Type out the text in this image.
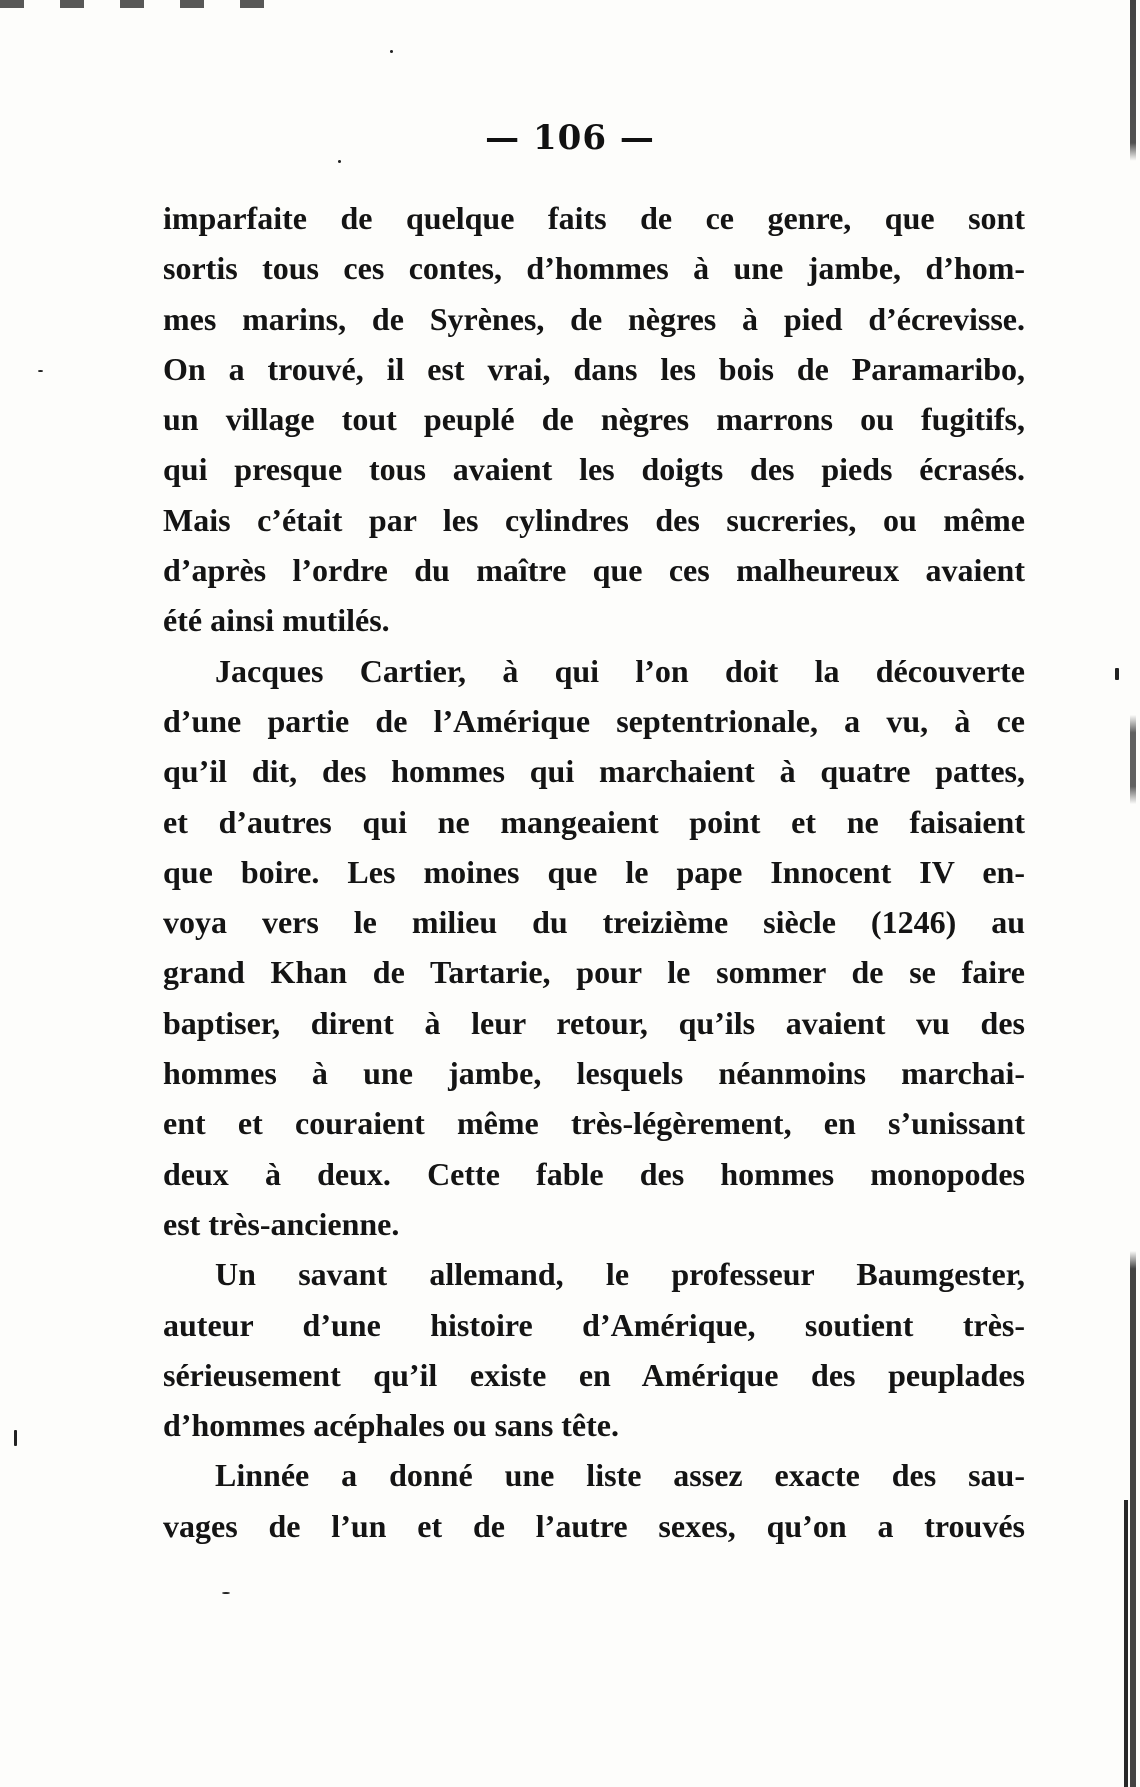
— 106 —
imparfaite de quelque faits de ce genre, que sont
sortis tous ces contes, d’hommes à une jambe, d’hom-
mes marins, de Syrènes, de nègres à pied d’écrevisse.
On a trouvé, il est vrai, dans les bois de Paramaribo,
un village tout peuplé de nègres marrons ou fugitifs,
qui presque tous avaient les doigts des pieds écrasés.
Mais c’était par les cylindres des sucreries, ou même
d’après l’ordre du maître que ces malheureux avaient
été ainsi mutilés.
Jacques Cartier, à qui l’on doit la découverte
d’une partie de l’Amérique septentrionale, a vu, à ce
qu’il dit, des hommes qui marchaient à quatre pattes,
et d’autres qui ne mangeaient point et ne faisaient
que boire. Les moines que le pape Innocent IV en-
voya vers le milieu du treizième siècle (1246) au
grand Khan de Tartarie, pour le sommer de se faire
baptiser, dirent à leur retour, qu’ils avaient vu des
hommes à une jambe, lesquels néanmoins marchai-
ent et couraient même très-légèrement, en s’unissant
deux à deux. Cette fable des hommes monopodes
est très-ancienne.
Un savant allemand, le professeur Baumgester,
auteur d’une histoire d’Amérique, soutient très-
sérieusement qu’il existe en Amérique des peuplades
d’hommes acéphales ou sans tête.
Linnée a donné une liste assez exacte des sau-
vages de l’un et de l’autre sexes, qu’on a trouvés
